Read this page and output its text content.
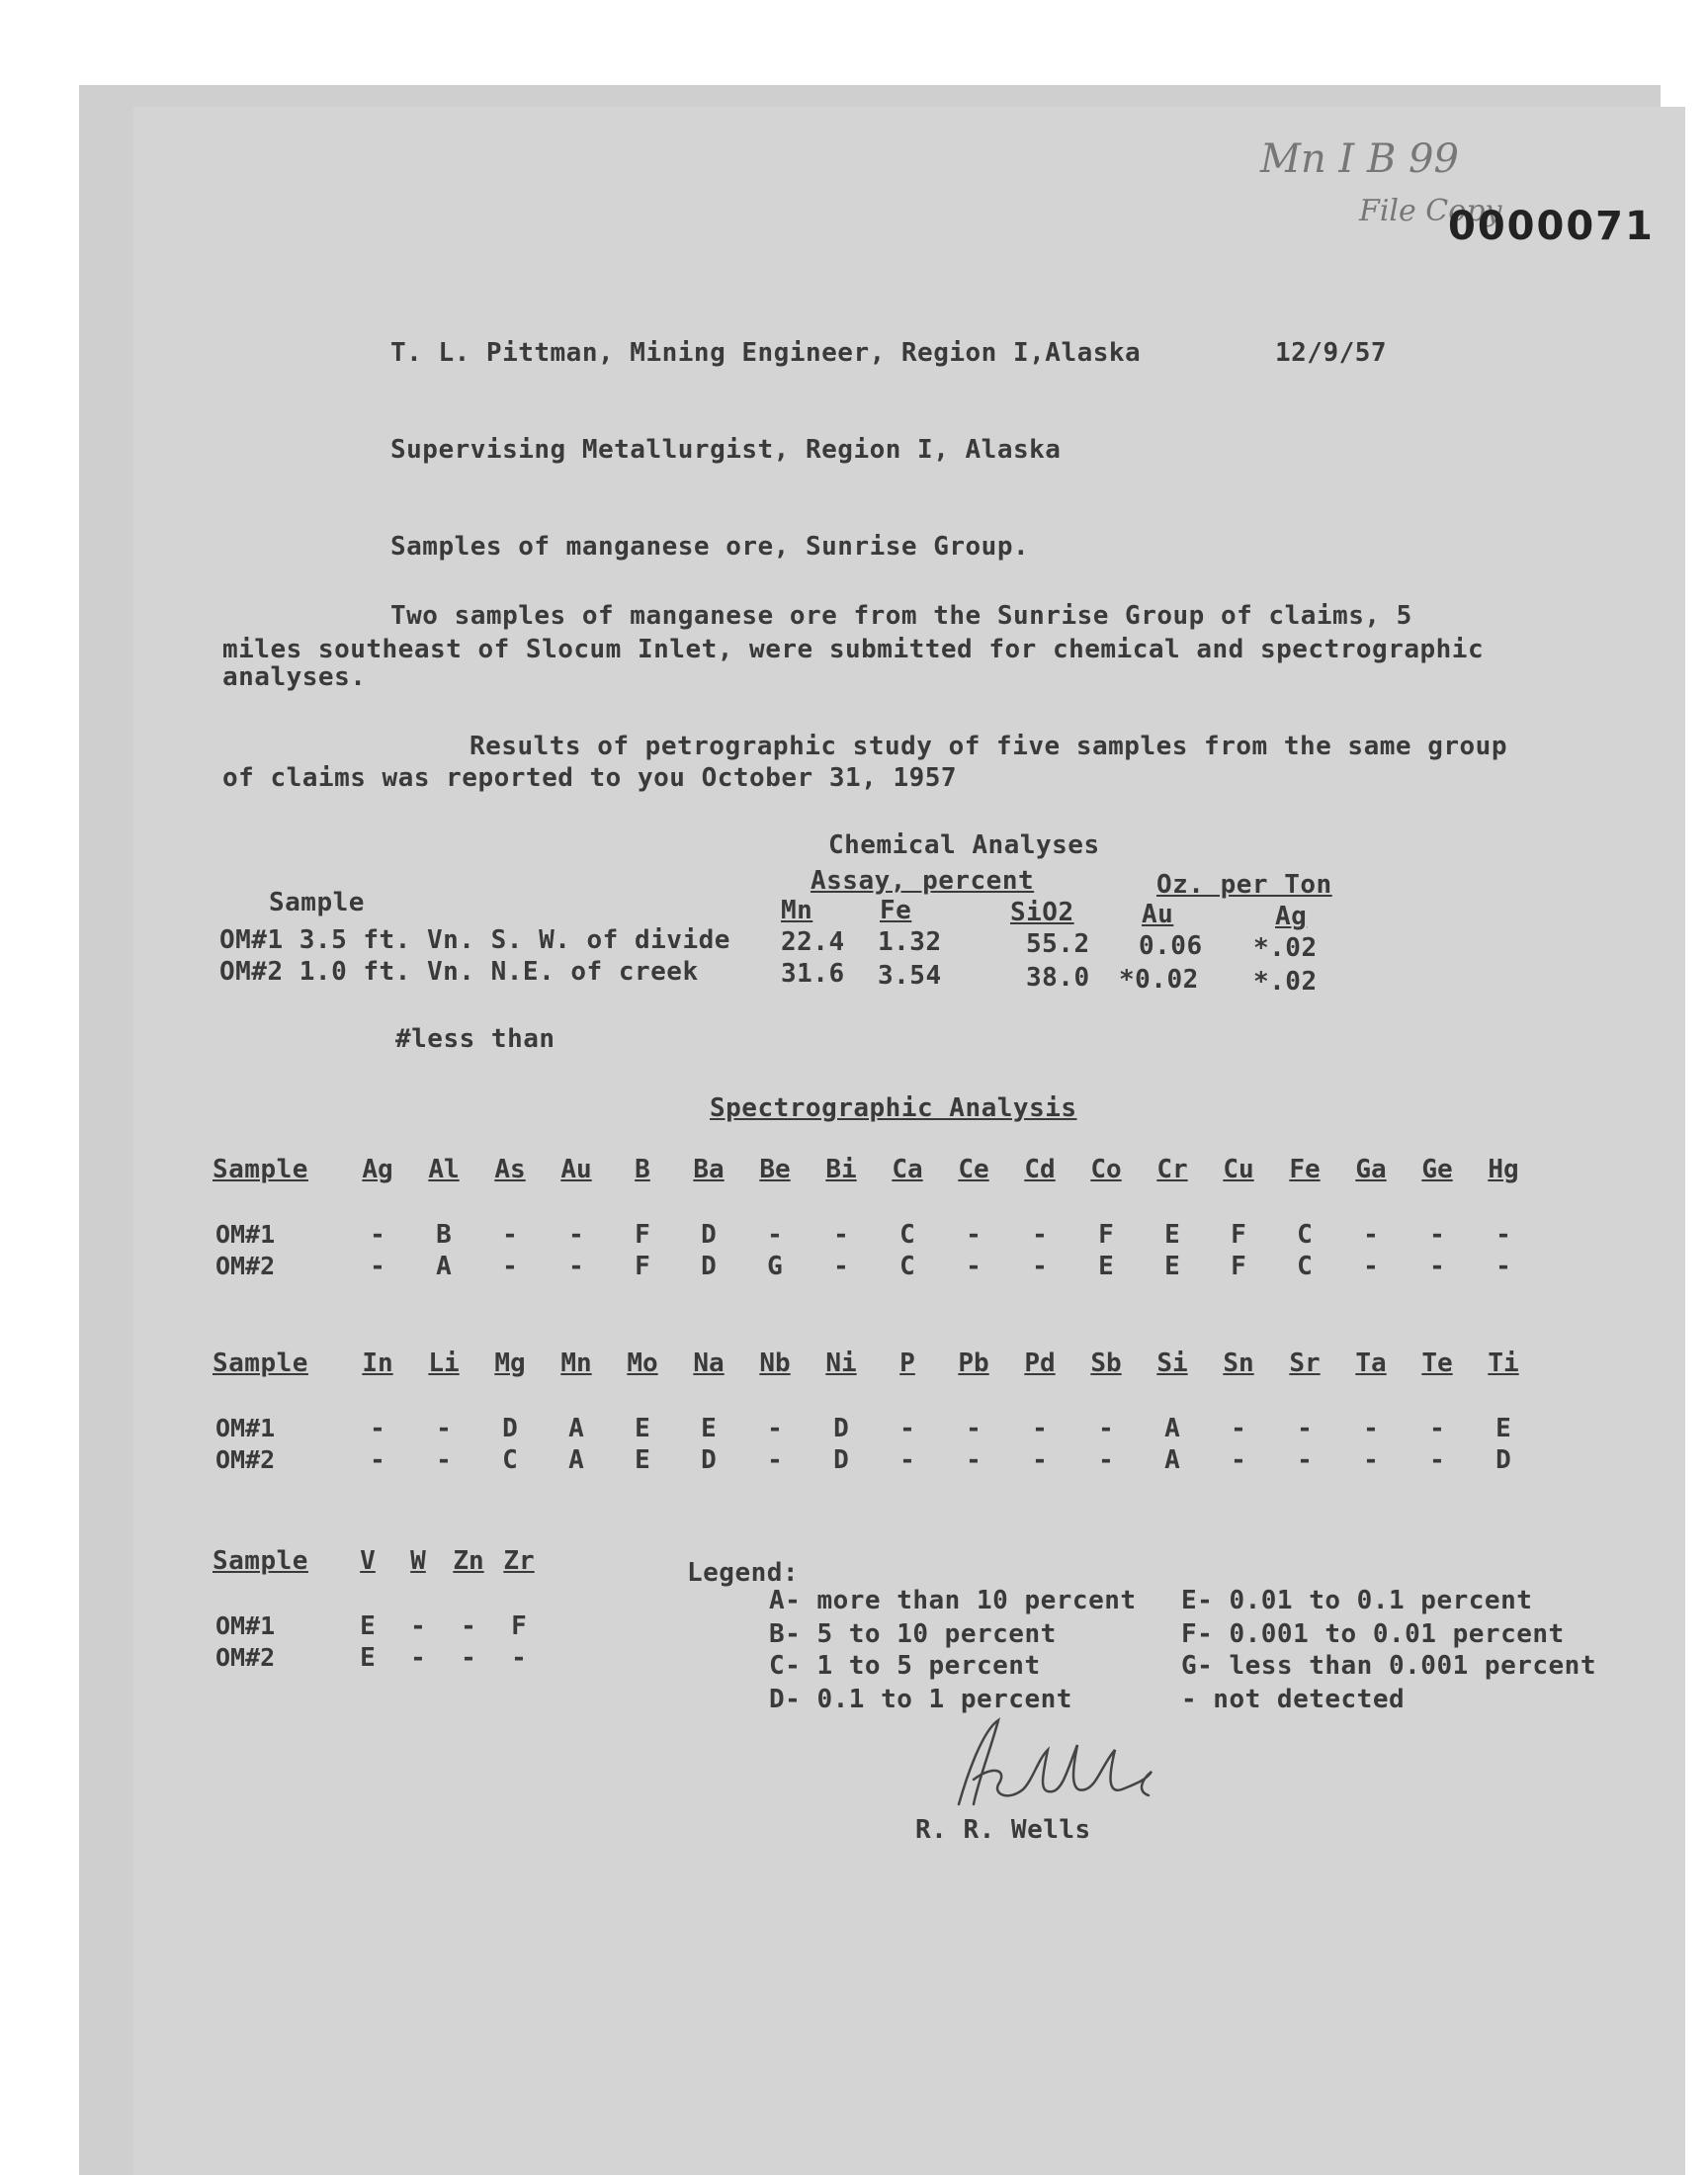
Mn I B 99
File Copy
0000071
T. L. Pittman, Mining Engineer, Region I,Alaska	12/9/57
Supervising Metallurgist, Region I, Alaska
Samples of manganese ore, Sunrise Group.
Two samples of manganese ore from the Sunrise Group of claims, 5
miles southeast of Slocum Inlet, were submitted for chemical and spectrographic
analyses.
Results of petrographic study of five samples from the same group
of claims was reported to you October 31, 1957
Chemical Analyses
Assay, percent	Oz. per Ton
Sample	Mn	Fe	SiO2	Au	Ag
OM#1 3.5 ft. Vn. S. W. of divide 22.4 1.32	55.2 0.06 *.02
OM#2 1.0 ft. Vn. N.E. of creek	31.6 3.54	38.0 *0.02 *.02
#less than
Spectrographic Analysis
Sample	Ag	Al	As	Au	B	Ba	Be	Bi	Ca	Ce	Cd	Co	Cr	Cu	Fe	Ga	Ge	Hg
OM#1	-	B	-	-	F	D	-	-	C	-	-	F	E	F	C	-	-	-
OM#2	-	A	-	-	F	D	G	-	C	-	-	E	E	F	C	-	-	-
Sample	In	Li	Mg	Mn	Mo	Na	Nb	Ni	P	Pb	Pd	Sb	Si	Sn	Sr	Ta	Te	Ti
OM#1	-	-	D	A	E	E	-	D	-	-	-	-	A	-	-	-	-	E
OM#2	-	-	C	A	E	D	-	D	-	-	-	-	A	-	-	-	-	D
Sample	V	W	Zn Zr
OM#1	E	-	-	F
OM#2	E	-	-	-
Legend:
A- more than 10 percent
B- 5 to 10 percent
C- 1 to 5 percent
D- 0.1 to 1 percent
E- 0.01 to 0.1 percent
F- 0.001 to 0.01 percent
G- less than 0.001 percent
- not detected
R. R. Wells
